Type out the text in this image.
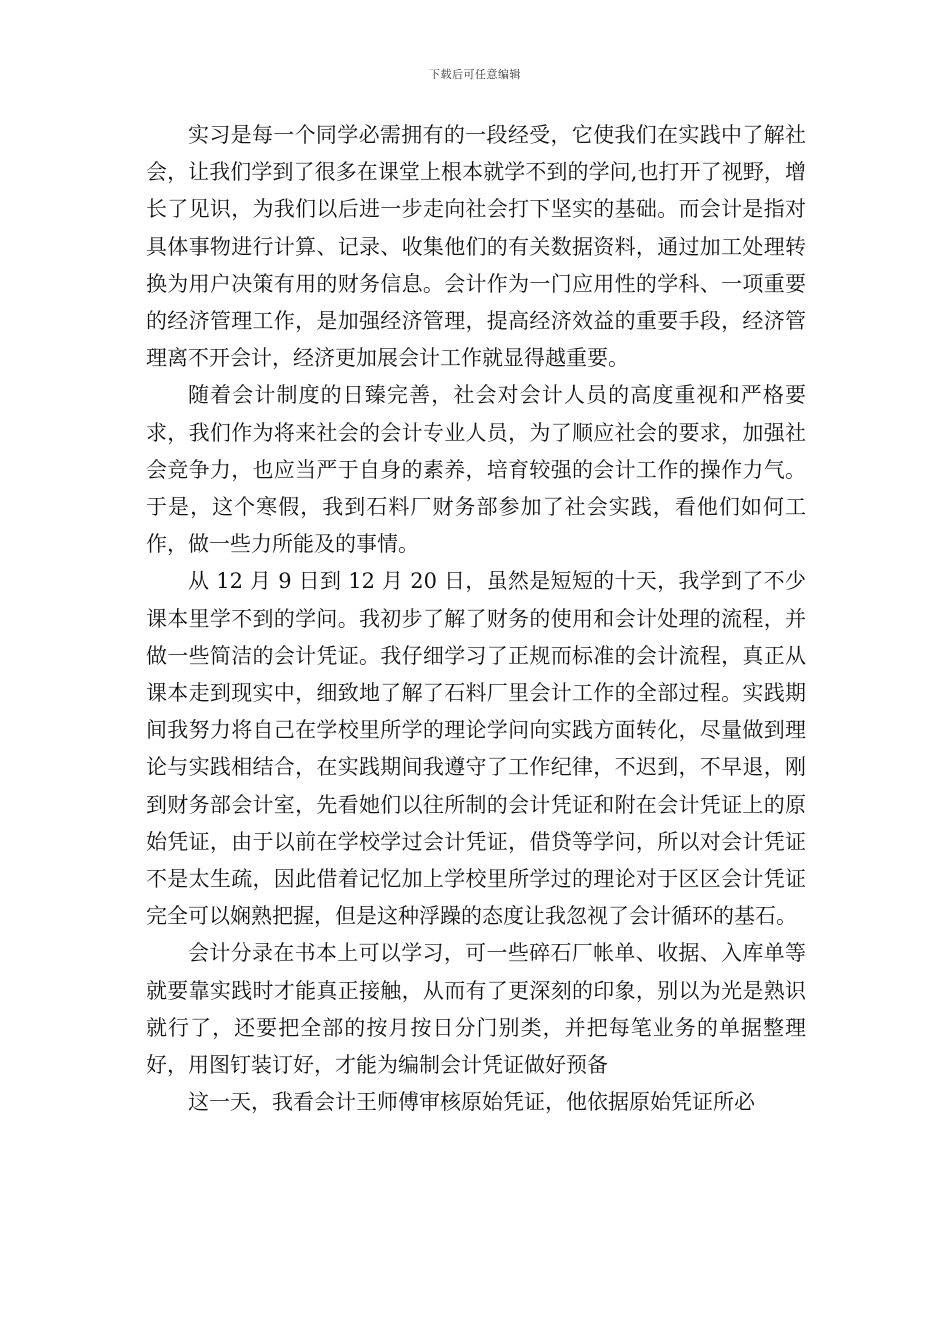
下载后可任意编辑

实习是每一个同学必需拥有的一段经受，它使我们在实践中了解社会，让我们学到了很多在课堂上根本就学不到的学问,也打开了视野，增长了见识，为我们以后进一步走向社会打下坚实的基础。而会计是指对具体事物进行计算、记录、收集他们的有关数据资料，通过加工处理转换为用户决策有用的财务信息。会计作为一门应用性的学科、一项重要的经济管理工作，是加强经济管理，提高经济效益的重要手段，经济管理离不开会计，经济更加展会计工作就显得越重要。

随着会计制度的日臻完善，社会对会计人员的高度重视和严格要求，我们作为将来社会的会计专业人员，为了顺应社会的要求，加强社会竞争力，也应当严于自身的素养，培育较强的会计工作的操作力气。于是，这个寒假，我到石料厂财务部参加了社会实践，看他们如何工作，做一些力所能及的事情。

从 12 月 9 日到 12 月 20 日，虽然是短短的十天，我学到了不少课本里学不到的学问。我初步了解了财务的使用和会计处理的流程，并做一些简洁的会计凭证。我仔细学习了正规而标准的会计流程，真正从课本走到现实中，细致地了解了石料厂里会计工作的全部过程。实践期间我努力将自己在学校里所学的理论学问向实践方面转化，尽量做到理论与实践相结合，在实践期间我遵守了工作纪律，不迟到，不早退，刚到财务部会计室，先看她们以往所制的会计凭证和附在会计凭证上的原始凭证，由于以前在学校学过会计凭证，借贷等学问，所以对会计凭证不是太生疏，因此借着记忆加上学校里所学过的理论对于区区会计凭证完全可以娴熟把握，但是这种浮躁的态度让我忽视了会计循环的基石。

会计分录在书本上可以学习，可一些碎石厂帐单、收据、入库单等就要靠实践时才能真正接触，从而有了更深刻的印象，别以为光是熟识就行了，还要把全部的按月按日分门别类，并把每笔业务的单据整理好，用图钉装订好，才能为编制会计凭证做好预备

这一天，我看会计王师傅审核原始凭证，他依据原始凭证所必
